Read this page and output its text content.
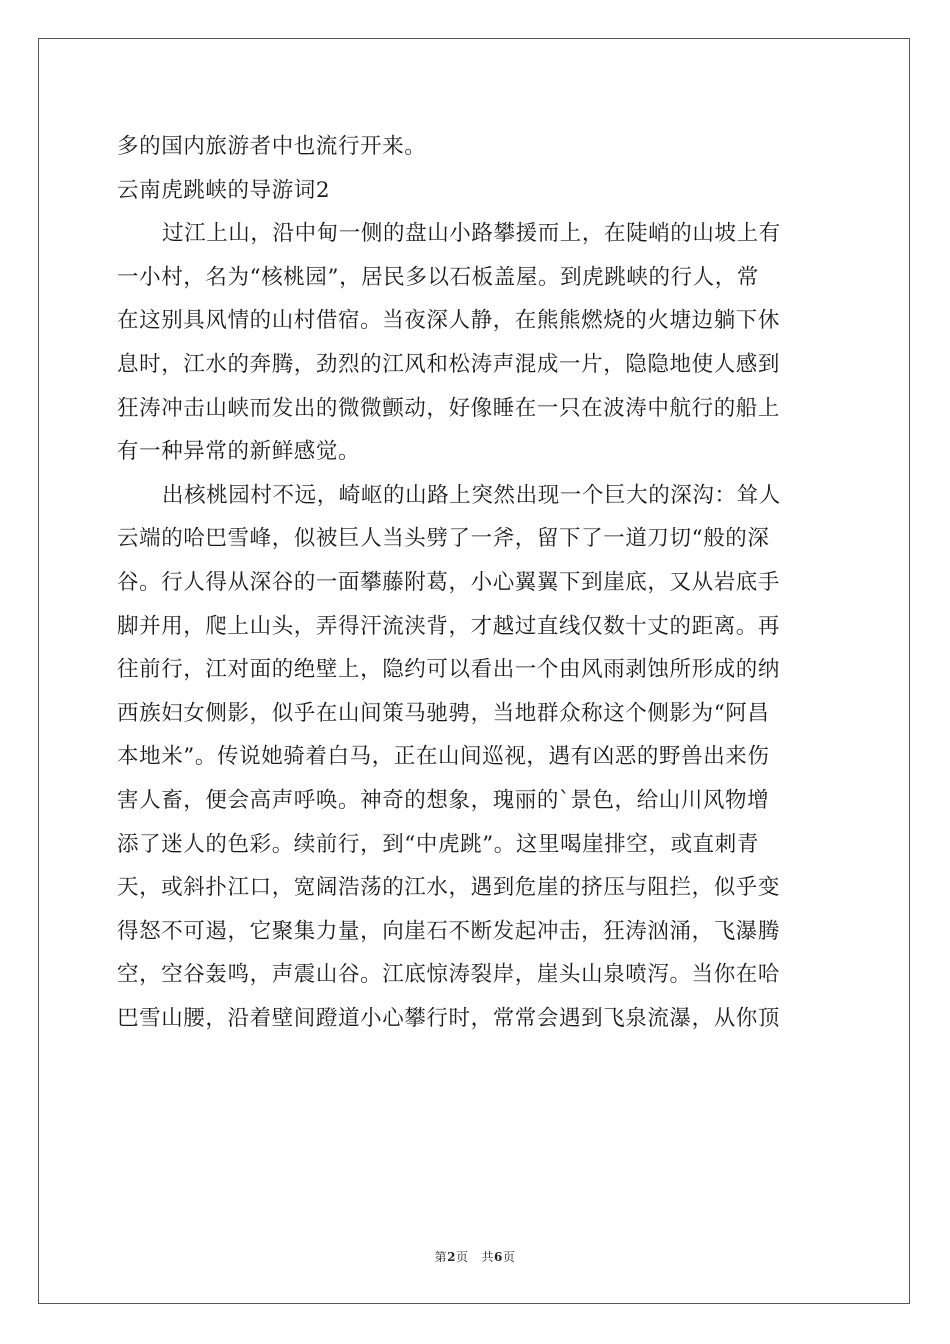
多的国内旅游者中也流行开来。
云南虎跳峡的导游词2
过江上山，沿中甸一侧的盘山小路攀援而上，在陡峭的山坡上有
一小村，名为“核桃园”，居民多以石板盖屋。到虎跳峡的行人，常
在这别具风情的山村借宿。当夜深人静，在熊熊燃烧的火塘边躺下休
息时，江水的奔腾，劲烈的江风和松涛声混成一片，隐隐地使人感到
狂涛冲击山峡而发出的微微颤动，好像睡在一只在波涛中航行的船上
有一种异常的新鲜感觉。
出核桃园村不远，崎岖的山路上突然出现一个巨大的深沟：耸人
云端的哈巴雪峰，似被巨人当头劈了一斧，留下了一道刀切“般的深
谷。行人得从深谷的一面攀藤附葛，小心翼翼下到崖底，又从岩底手
脚并用，爬上山头，弄得汗流浃背，才越过直线仅数十丈的距离。再
往前行，江对面的绝壁上，隐约可以看出一个由风雨剥蚀所形成的纳
西族妇女侧影，似乎在山间策马驰骋，当地群众称这个侧影为“阿昌
本地米”。传说她骑着白马，正在山间巡视，遇有凶恶的野兽出来伤
害人畜，便会高声呼唤。神奇的想象，瑰丽的`景色，给山川风物增
添了迷人的色彩。续前行，到“中虎跳”。这里喝崖排空，或直刺青
天，或斜扑江口，宽阔浩荡的江水，遇到危崖的挤压与阻拦，似乎变
得怒不可遏，它聚集力量，向崖石不断发起冲击，狂涛汹涌，飞瀑腾
空，空谷轰鸣，声震山谷。江底惊涛裂岸，崖头山泉喷泻。当你在哈
巴雪山腰，沿着壁间蹬道小心攀行时，常常会遇到飞泉流瀑，从你顶
第2页 共6页
